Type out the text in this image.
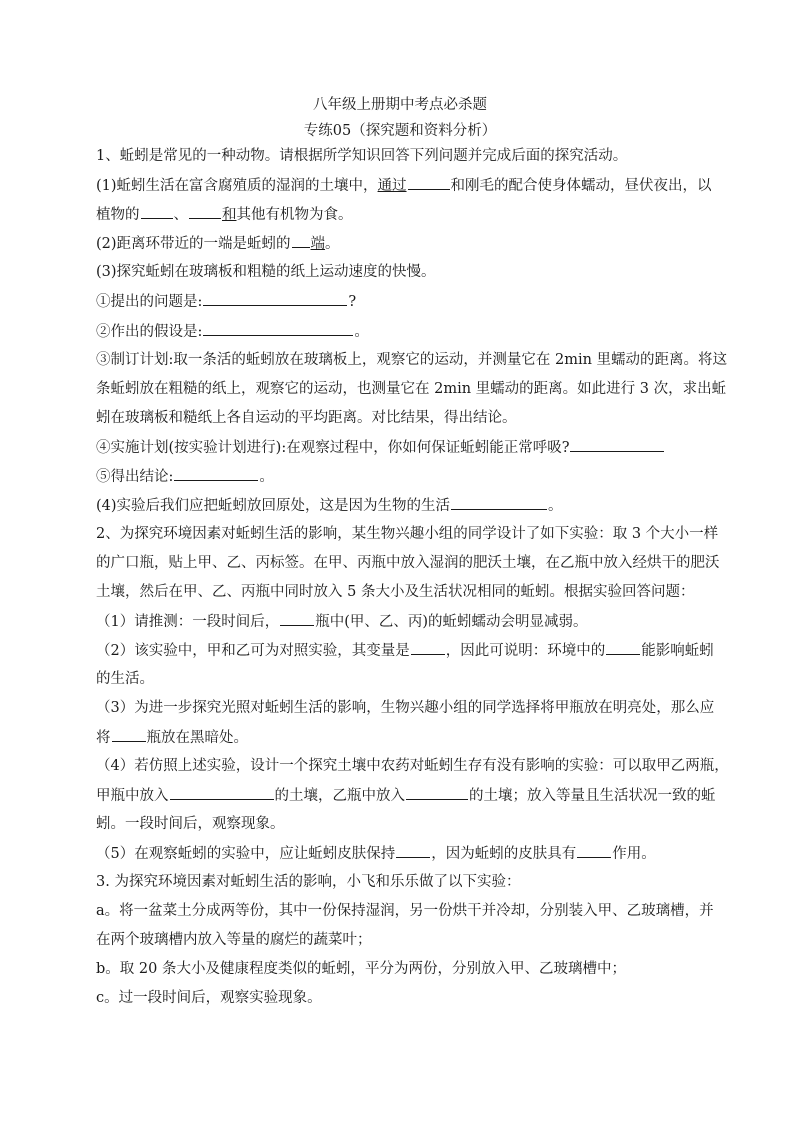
八年级上册期中考点必杀题
专练05（探究题和资料分析）
1、蚯蚓是常见的一种动物。请根据所学知识回答下列问题并完成后面的探究活动。
(1)蚯蚓生活在富含腐殖质的湿润的土壤中，通过	和刚毛的配合使身体蠕动，昼伏夜出，以
植物的 、 和其他有机物为食。
(2)距离环带近的一端是蚯蚓的 端。
(3)探究蚯蚓在玻璃板和粗糙的纸上运动速度的快慢。
①提出的问题是:	?
②作出的假设是:	。
③制订计划:取一条活的蚯蚓放在玻璃板上，观察它的运动，并测量它在 2min 里蠕动的距离。将这
条蚯蚓放在粗糙的纸上，观察它的运动，也测量它在 2min 里蠕动的距离。如此进行 3 次，求出蚯
蚓在玻璃板和糙纸上各自运动的平均距离。对比结果，得出结论。
④实施计划(按实验计划进行):在观察过程中，你如何保证蚯蚓能正常呼吸?
⑤得出结论:	。
(4)实验后我们应把蚯蚓放回原处，这是因为生物的生活	。
2、为探究环境因素对蚯蚓生活的影响，某生物兴趣小组的同学设计了如下实验：取 3 个大小一样
的广口瓶，贴上甲、乙、丙标签。在甲、丙瓶中放入湿润的肥沃土壤，在乙瓶中放入经烘干的肥沃
土壤，然后在甲、乙、丙瓶中同时放入 5 条大小及生活状况相同的蚯蚓。根据实验回答问题：
（1）请推测：一段时间后， 瓶中(甲、乙、丙)的蚯蚓蠕动会明显减弱。
（2）该实验中，甲和乙可为对照实验，其变量是 ，因此可说明：环境中的 能影响蚯蚓
的生活。
（3）为进一步探究光照对蚯蚓生活的影响，生物兴趣小组的同学选择将甲瓶放在明亮处，那么应
将 瓶放在黑暗处。
（4）若仿照上述实验，设计一个探究土壤中农药对蚯蚓生存有没有影响的实验：可以取甲乙两瓶，
甲瓶中放入	的土壤，乙瓶中放入	的土壤；放入等量且生活状况一致的蚯
蚓。一段时间后，观察现象。
（5）在观察蚯蚓的实验中，应让蚯蚓皮肤保持 ，因为蚯蚓的皮肤具有 作用。
3. 为探究环境因素对蚯蚓生活的影响，小飞和乐乐做了以下实验：
a。将一盆菜土分成两等份，其中一份保持湿润，另一份烘干并冷却，分别装入甲、乙玻璃槽，并
在两个玻璃槽内放入等量的腐烂的蔬菜叶；
b。取 20 条大小及健康程度类似的蚯蚓，平分为两份，分别放入甲、乙玻璃槽中；
c。过一段时间后，观察实验现象。
